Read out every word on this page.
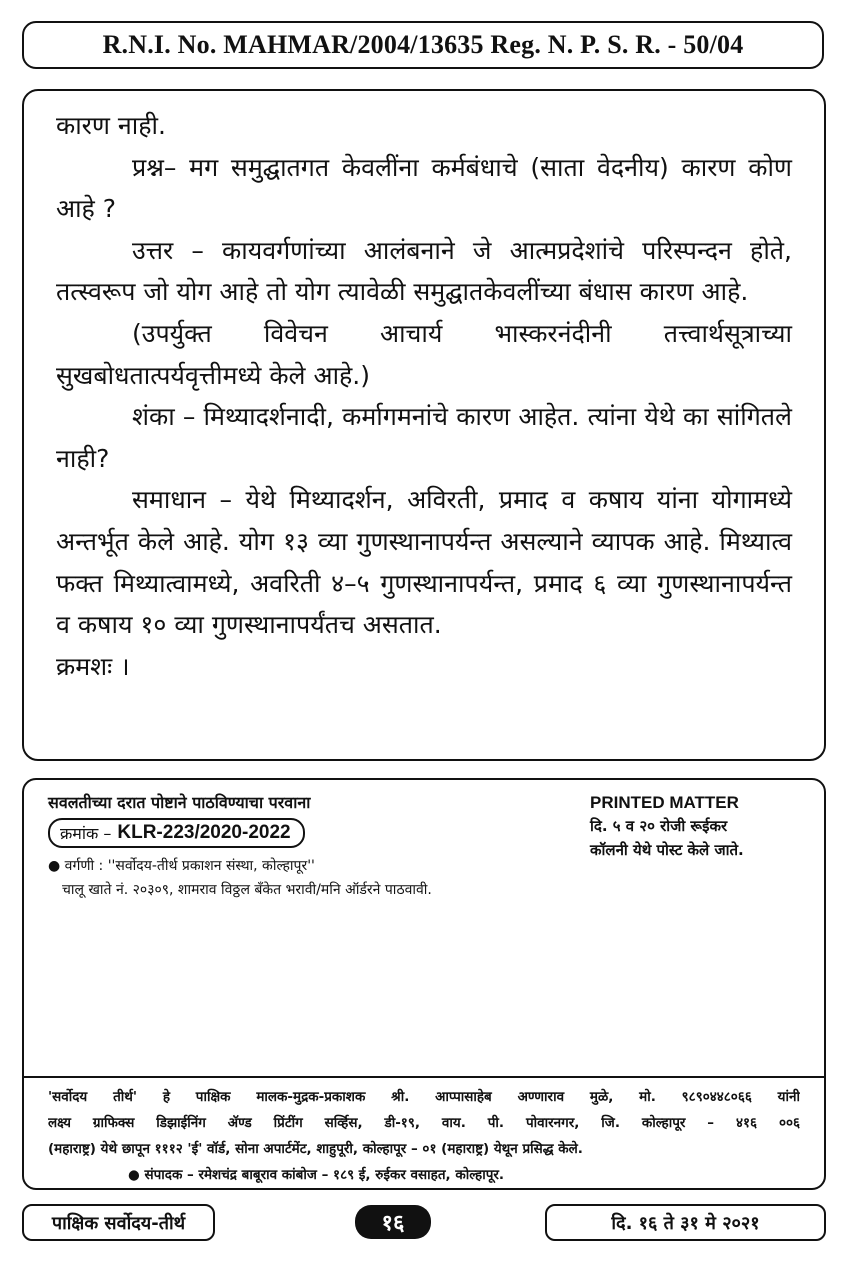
R.N.I. No. MAHMAR/2004/13635 Reg. N. P. S. R. - 50/04

कारण नाही.

प्रश्न– मग समुद्घातगत केवलींना कर्मबंधाचे (साता वेदनीय) कारण कोण आहे ?

उत्तर – कायवर्गणांच्या आलंबनाने जे आत्मप्रदेशांचे परिस्पन्दन होते, तत्स्वरूप जो योग आहे तो योग त्यावेळी समुद्घातकेवलींच्या बंधास कारण आहे.

(उपर्युक्त विवेचन आचार्य भास्करनंदीनी तत्त्वार्थसूत्राच्या सुखबोधतात्पर्यवृत्तीमध्ये केले आहे.)

शंका – मिथ्यादर्शनादी, कर्मागमनांचे कारण आहेत. त्यांना येथे का सांगितले नाही?

समाधान – येथे मिथ्यादर्शन, अविरती, प्रमाद व कषाय यांना योगामध्ये अन्तर्भूत केले आहे. योग १३ व्या गुणस्थानापर्यन्त असल्याने व्यापक आहे. मिथ्यात्व फक्त मिथ्यात्वामध्ये, अवरिती ४–५ गुणस्थानापर्यन्त, प्रमाद ६ व्या गुणस्थानापर्यन्त व कषाय १० व्या गुणस्थानापर्यंतच असतात.

क्रमशः ।

सवलतीच्या दरात पोष्टाने पाठविण्याचा परवाना
क्रमांक – KLR-223/2020-2022
● वर्गणी : ''सर्वोदय-तीर्थ प्रकाशन संस्था, कोल्हापूर''
चालू खाते नं. २०३०९, शामराव विठ्ठल बँकेत भरावी/मनि ऑर्डरने पाठवावी.
PRINTED MATTER
दि. ५ व २० रोजी रूईकर
कॉलनी येथे पोस्ट केले जाते.
'सर्वोदय तीर्थ' हे पाक्षिक मालक-मुद्रक-प्रकाशक श्री. आप्पासाहेब अण्णाराव मुळे, मो. ९८९०४४८०६६ यांनी
लक्ष्य ग्राफिक्स डिझाईनिंग ॲण्ड प्रिंटींग सर्व्हिस, डी-१९, वाय. पी. पोवारनगर, जि. कोल्हापूर – ४१६ ००६
(महाराष्ट्र) येथे छापून १११२ 'ई' वॉर्ड, सोना अपार्टमेंट, शाहुपूरी, कोल्हापूर – ०१ (महाराष्ट्र) येथून प्रसिद्ध केले.
● संपादक – रमेशचंद्र बाबूराव कांबोज – १८९ ई, रुईकर वसाहत, कोल्हापूर.
पाक्षिक सर्वोदय-तीर्थ	१६	दि. १६ ते ३१ मे २०२१
